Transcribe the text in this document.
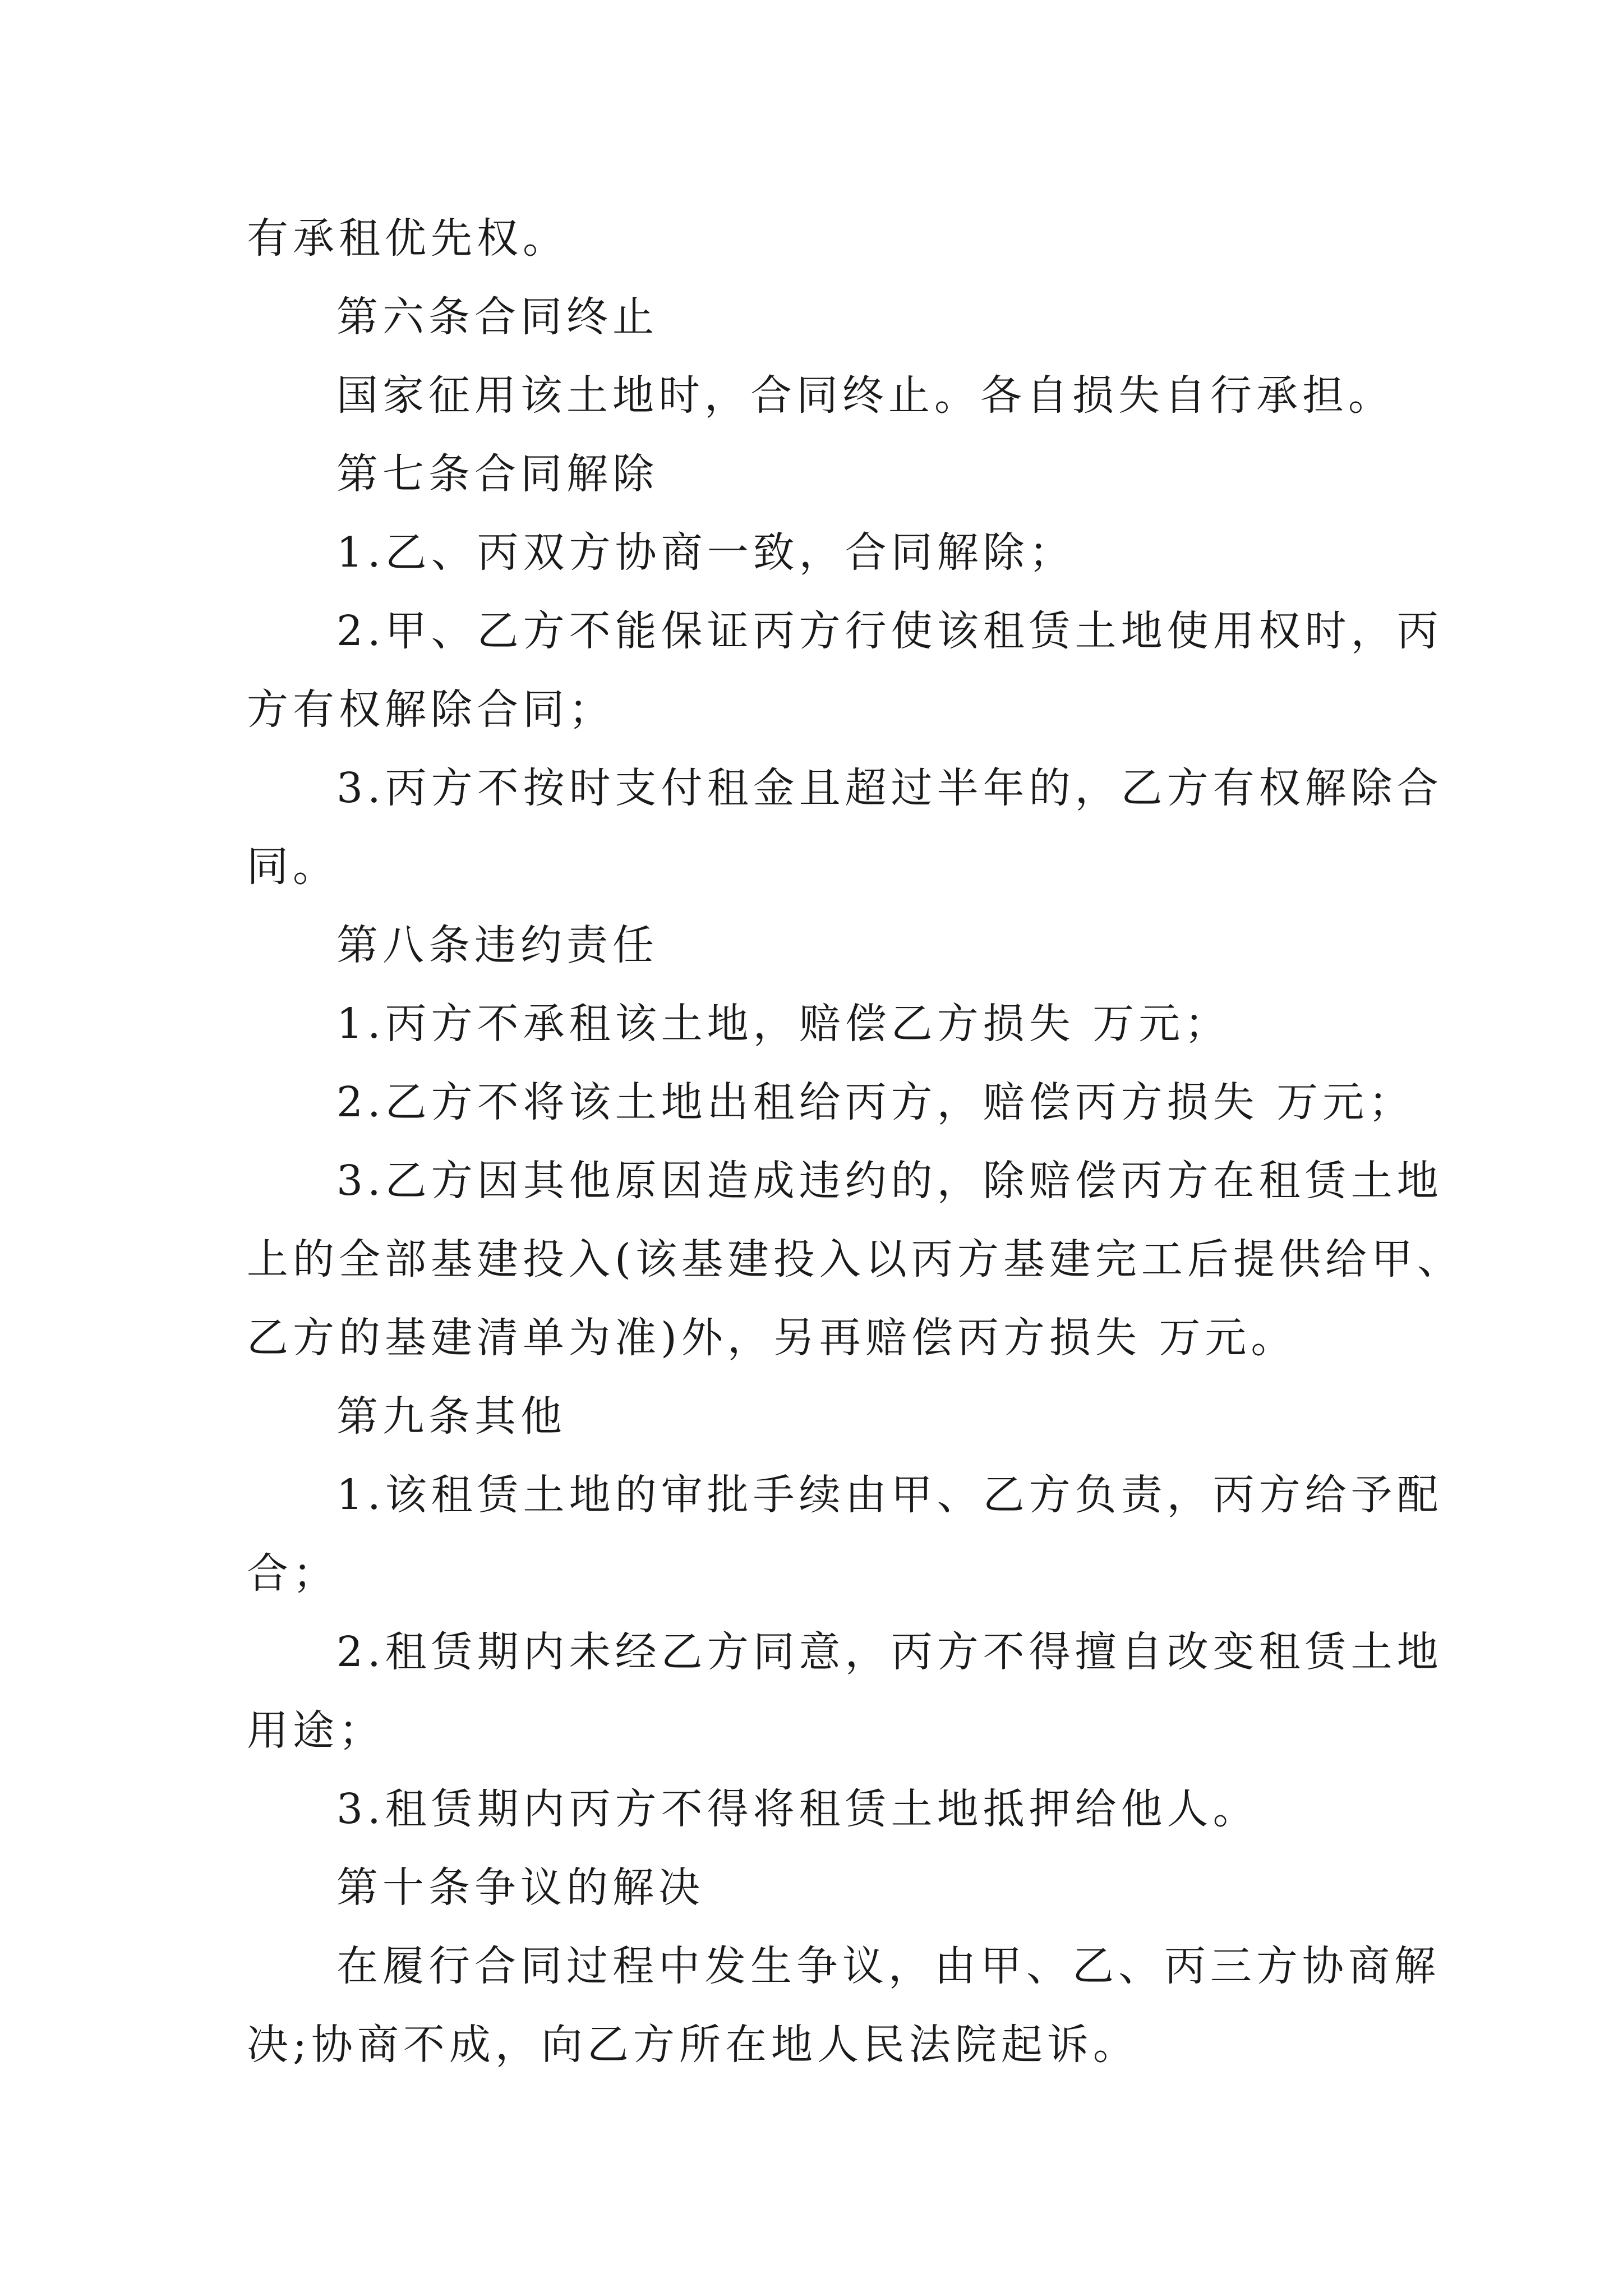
有承租优先权。

第六条合同终止

国家征用该土地时，合同终止。各自损失自行承担。

第七条合同解除

1.乙、丙双方协商一致，合同解除；

2.甲、乙方不能保证丙方行使该租赁土地使用权时，丙

方有权解除合同；

3.丙方不按时支付租金且超过半年的，乙方有权解除合

同。

第八条违约责任

1.丙方不承租该土地，赔偿乙方损失 万元；

2.乙方不将该土地出租给丙方，赔偿丙方损失 万元；

3.乙方因其他原因造成违约的，除赔偿丙方在租赁土地

上的全部基建投入(该基建投入以丙方基建完工后提供给甲、

乙方的基建清单为准)外，另再赔偿丙方损失 万元。

第九条其他

1.该租赁土地的审批手续由甲、乙方负责，丙方给予配

合；

2.租赁期内未经乙方同意，丙方不得擅自改变租赁土地

用途；

3.租赁期内丙方不得将租赁土地抵押给他人。

第十条争议的解决

在履行合同过程中发生争议，由甲、乙、丙三方协商解

决;协商不成，向乙方所在地人民法院起诉。
